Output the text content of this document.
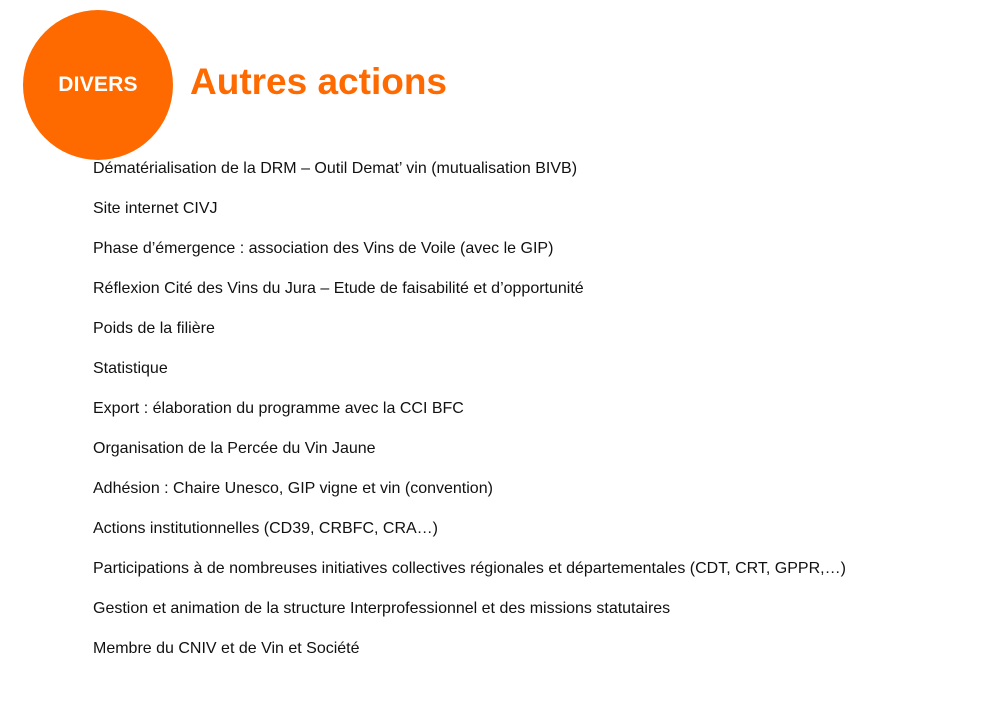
DIVERS Autres actions
Dématérialisation de la DRM – Outil Demat’ vin (mutualisation BIVB)
Site internet CIVJ
Phase d’émergence : association des Vins de Voile (avec le GIP)
Réflexion Cité des Vins du Jura – Etude de faisabilité et d’opportunité
Poids de la filière
Statistique
Export : élaboration du programme avec la CCI BFC
Organisation de la Percée du Vin Jaune
Adhésion : Chaire Unesco, GIP vigne et vin (convention)
Actions institutionnelles (CD39, CRBFC, CRA…)
Participations à de nombreuses initiatives collectives régionales et départementales (CDT, CRT, GPPR,…)
Gestion et animation de la structure Interprofessionnel et des missions statutaires
Membre du CNIV et de Vin et Société
